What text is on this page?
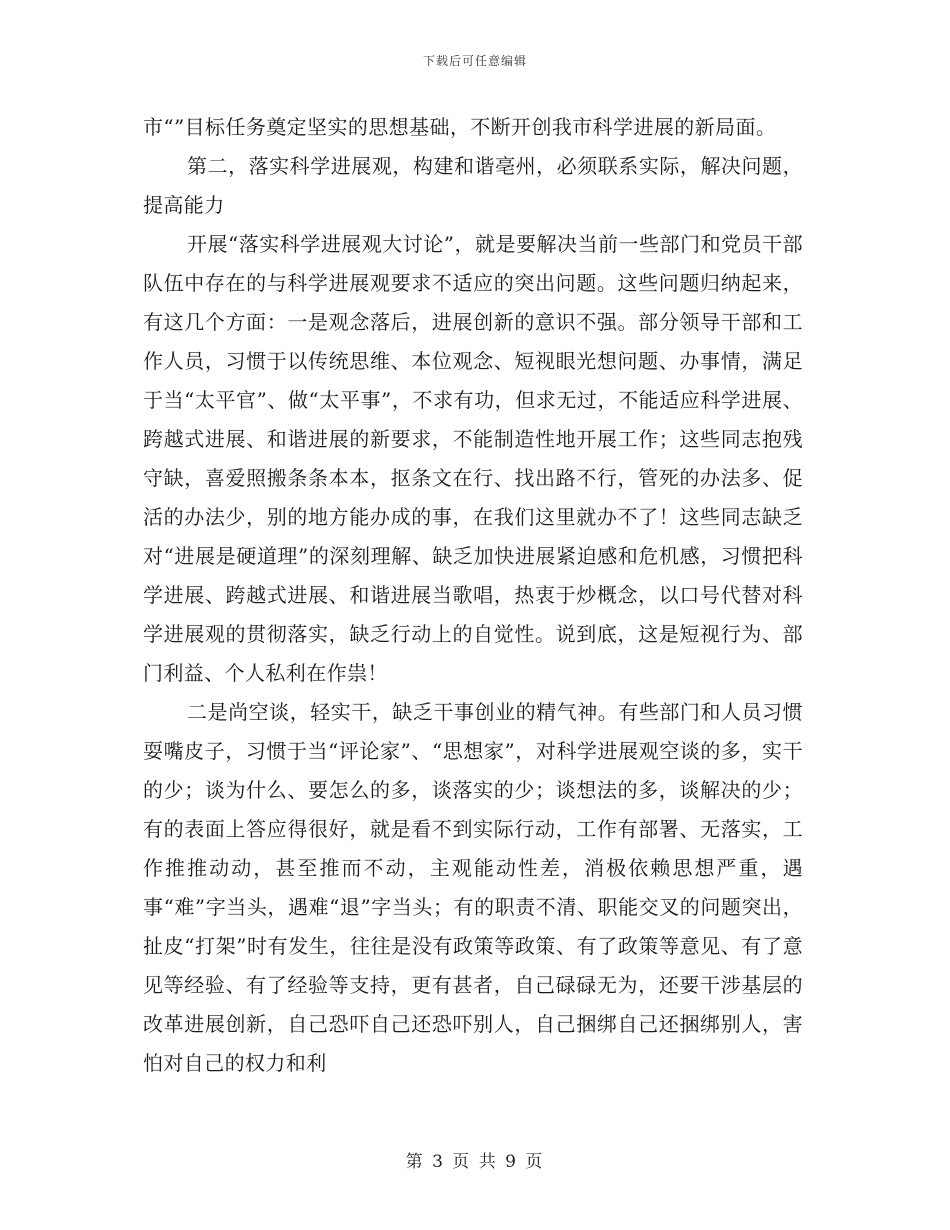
下载后可任意编辑

市“”目标任务奠定坚实的思想基础，不断开创我市科学进展的新局面。

第二，落实科学进展观，构建和谐亳州，必须联系实际，解决问题，提高能力

开展“落实科学进展观大讨论”，就是要解决当前一些部门和党员干部队伍中存在的与科学进展观要求不适应的突出问题。这些问题归纳起来，有这几个方面：一是观念落后，进展创新的意识不强。部分领导干部和工作人员，习惯于以传统思维、本位观念、短视眼光想问题、办事情，满足于当“太平官”、做“太平事”，不求有功，但求无过，不能适应科学进展、跨越式进展、和谐进展的新要求，不能制造性地开展工作；这些同志抱残守缺，喜爱照搬条条本本，抠条文在行、找出路不行，管死的办法多、促活的办法少，别的地方能办成的事，在我们这里就办不了！这些同志缺乏对“进展是硬道理”的深刻理解、缺乏加快进展紧迫感和危机感，习惯把科学进展、跨越式进展、和谐进展当歌唱，热衷于炒概念，以口号代替对科学进展观的贯彻落实，缺乏行动上的自觉性。说到底，这是短视行为、部门利益、个人私利在作祟！

二是尚空谈，轻实干，缺乏干事创业的精气神。有些部门和人员习惯耍嘴皮子，习惯于当“评论家”、“思想家”，对科学进展观空谈的多，实干的少；谈为什么、要怎么的多，谈落实的少；谈想法的多，谈解决的少；有的表面上答应得很好，就是看不到实际行动，工作有部署、无落实，工作推推动动，甚至推而不动，主观能动性差，消极依赖思想严重，遇事“难”字当头，遇难“退”字当头；有的职责不清、职能交叉的问题突出，扯皮“打架”时有发生，往往是没有政策等政策、有了政策等意见、有了意见等经验、有了经验等支持，更有甚者，自己碌碌无为，还要干涉基层的改革进展创新，自己恐吓自己还恐吓别人，自己捆绑自己还捆绑别人，害怕对自己的权力和利

第 3 页 共 9 页
